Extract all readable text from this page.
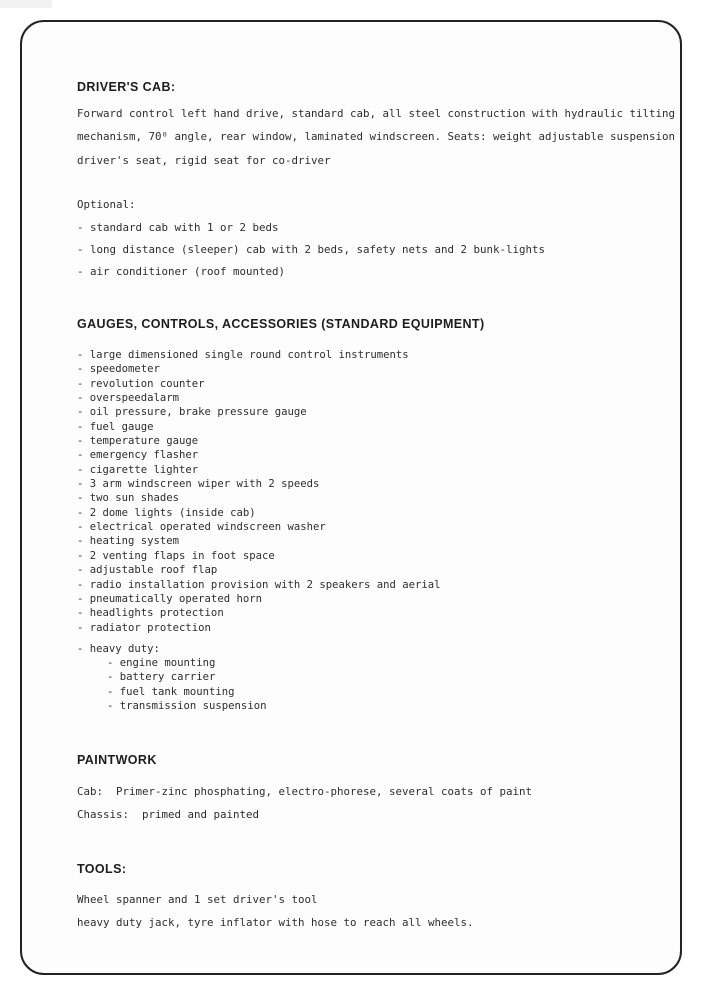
DRIVER'S CAB:
Forward control left hand drive, standard cab, all steel construction with hydraulic tilting
mechanism, 70⁰ angle, rear window, laminated windscreen. Seats: weight adjustable suspension
driver's seat, rigid seat for co-driver
Optional:
- standard cab with 1 or 2 beds
- long distance (sleeper) cab with 2 beds, safety nets and 2 bunk-lights
- air conditioner (roof mounted)
GAUGES, CONTROLS, ACCESSORIES (STANDARD EQUIPMENT)
- large dimensioned single round control instruments
- speedometer
- revolution counter
- overspeedalarm
- oil pressure, brake pressure gauge
- fuel gauge
- temperature gauge
- emergency flasher
- cigarette lighter
- 3 arm windscreen wiper with 2 speeds
- two sun shades
- 2 dome lights (inside cab)
- electrical operated windscreen washer
- heating system
- 2 venting flaps in foot space
- adjustable roof flap
- radio installation provision with 2 speakers and aerial
- pneumatically operated horn
- headlights protection
- radiator protection
- heavy duty:
- engine mounting
- battery carrier
- fuel tank mounting
- transmission suspension
PAINTWORK
Cab:  Primer-zinc phosphating, electro-phorese, several coats of paint
Chassis:  primed and painted
TOOLS:
Wheel spanner and 1 set driver's tool
heavy duty jack, tyre inflator with hose to reach all wheels.
